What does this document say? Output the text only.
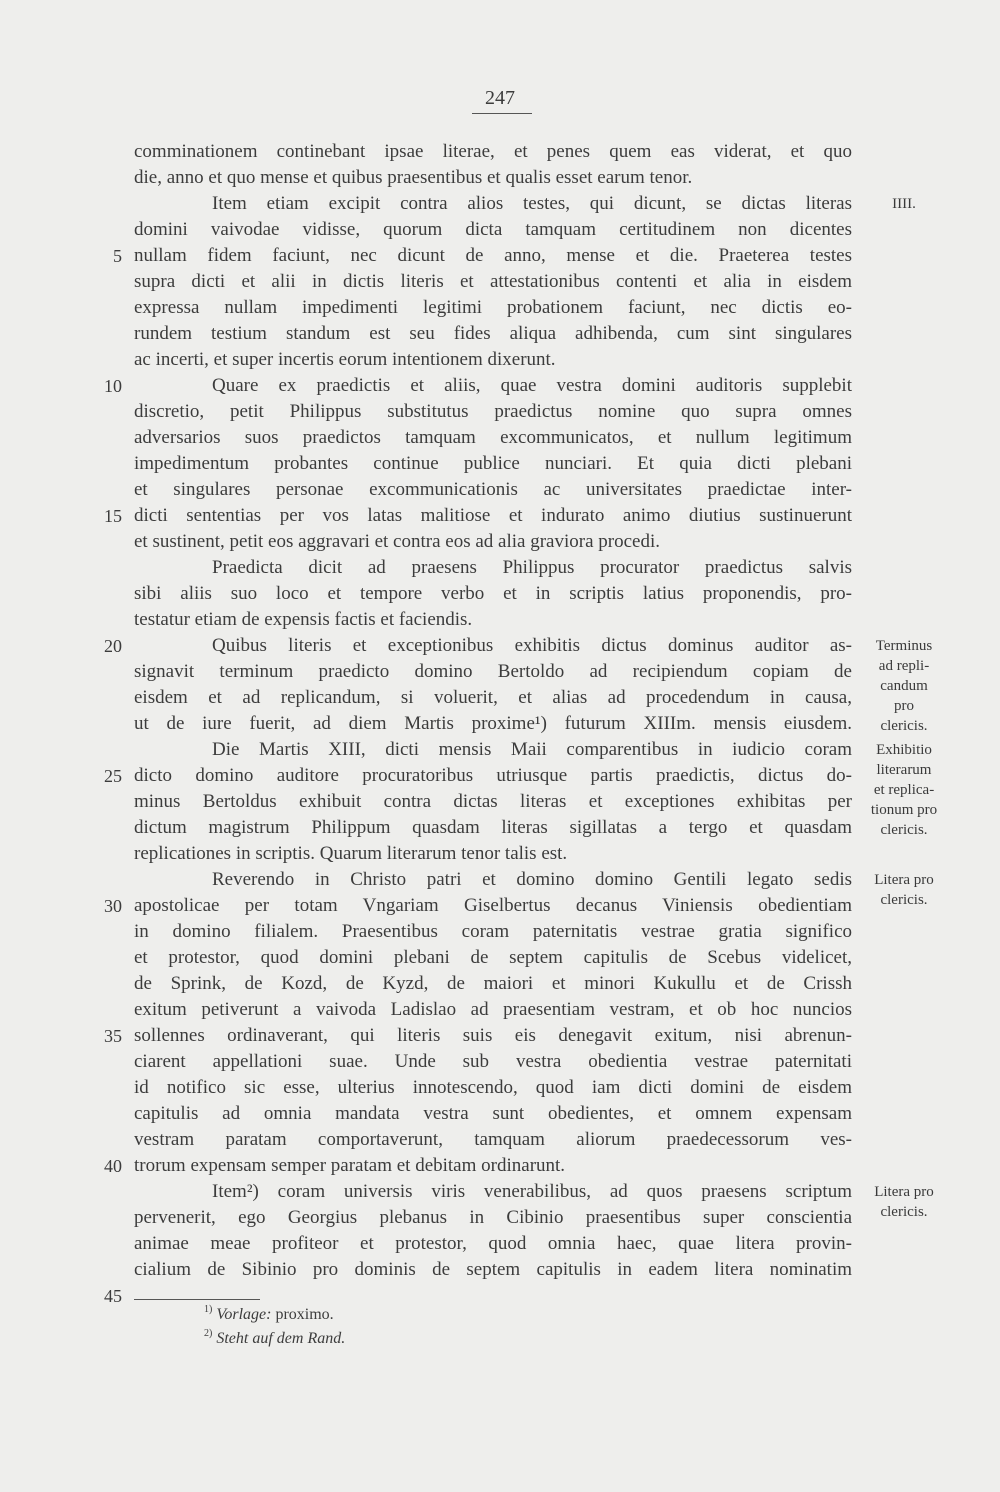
247
comminationem continebant ipsae literae, et penes quem eas viderat, et quo
die, anno et quo mense et quibus praesentibus et qualis esset earum tenor.
Item etiam excipit contra alios testes, qui dicunt, se dictas literas
domini vaivodae vidisse, quorum dicta tamquam certitudinem non dicentes
nullam fidem faciunt, nec dicunt de anno, mense et die. Praeterea testes
supra dicti et alii in dictis literis et attestationibus contenti et alia in eisdem
expressa nullam impedimenti legitimi probationem faciunt, nec dictis eo-
rundem testium standum est seu fides aliqua adhibenda, cum sint singulares
ac incerti, et super incertis eorum intentionem dixerunt.
Quare ex praedictis et aliis, quae vestra domini auditoris supplebit
discretio, petit Philippus substitutus praedictus nomine quo supra omnes
adversarios suos praedictos tamquam excommunicatos, et nullum legitimum
impedimentum probantes continue publice nunciari. Et quia dicti plebani
et singulares personae excommunicationis ac universitates praedictae inter-
dicti sententias per vos latas malitiose et indurato animo diutius sustinuerunt
et sustinent, petit eos aggravari et contra eos ad alia graviora procedi.
Praedicta dicit ad praesens Philippus procurator praedictus salvis
sibi aliis suo loco et tempore verbo et in scriptis latius proponendis, pro-
testatur etiam de expensis factis et faciendis.
Quibus literis et exceptionibus exhibitis dictus dominus auditor as-
signavit terminum praedicto domino Bertoldo ad recipiendum copiam de
eisdem et ad replicandum, si voluerit, et alias ad procedendum in causa,
ut de iure fuerit, ad diem Martis proxime¹) futurum XIIIm. mensis eiusdem.
Die Martis XIII, dicti mensis Maii comparentibus in iudicio coram
dicto domino auditore procuratoribus utriusque partis praedictis, dictus do-
minus Bertoldus exhibuit contra dictas literas et exceptiones exhibitas per
dictum magistrum Philippum quasdam literas sigillatas a tergo et quasdam
replicationes in scriptis. Quarum literarum tenor talis est.
Reverendo in Christo patri et domino domino Gentili legato sedis
apostolicae per totam Vngariam Giselbertus decanus Viniensis obedientiam
in domino filialem. Praesentibus coram paternitatis vestrae gratia significo
et protestor, quod domini plebani de septem capitulis de Scebus videlicet,
de Sprink, de Kozd, de Kyzd, de maiori et minori Kukullu et de Crissh
exitum petiverunt a vaivoda Ladislao ad praesentiam vestram, et ob hoc nuncios
sollennes ordinaverant, qui literis suis eis denegavit exitum, nisi abrenun-
ciarent appellationi suae. Unde sub vestra obedientia vestrae paternitati
id notifico sic esse, ulterius innotescendo, quod iam dicti domini de eisdem
capitulis ad omnia mandata vestra sunt obedientes, et omnem expensam
vestram paratam comportaverunt, tamquam aliorum praedecessorum ves-
trorum expensam semper paratam et debitam ordinarunt.
Item²) coram universis viris venerabilibus, ad quos praesens scriptum
pervenerit, ego Georgius plebanus in Cibinio praesentibus super conscientia
animae meae profiteor et protestor, quod omnia haec, quae litera provin-
cialium de Sibinio pro dominis de septem capitulis in eadem litera nominatim
5
10
15
20
25
30
35
40
45
IIII.
Terminus
ad repli-
candum
pro
clericis.
Exhibitio
literarum
et replica-
tionum pro
clericis.
Litera pro
clericis.
Litera pro
clericis.
$^{1)}$ Vorlage: proximo.
$^{2)}$ Steht auf dem Rand.
